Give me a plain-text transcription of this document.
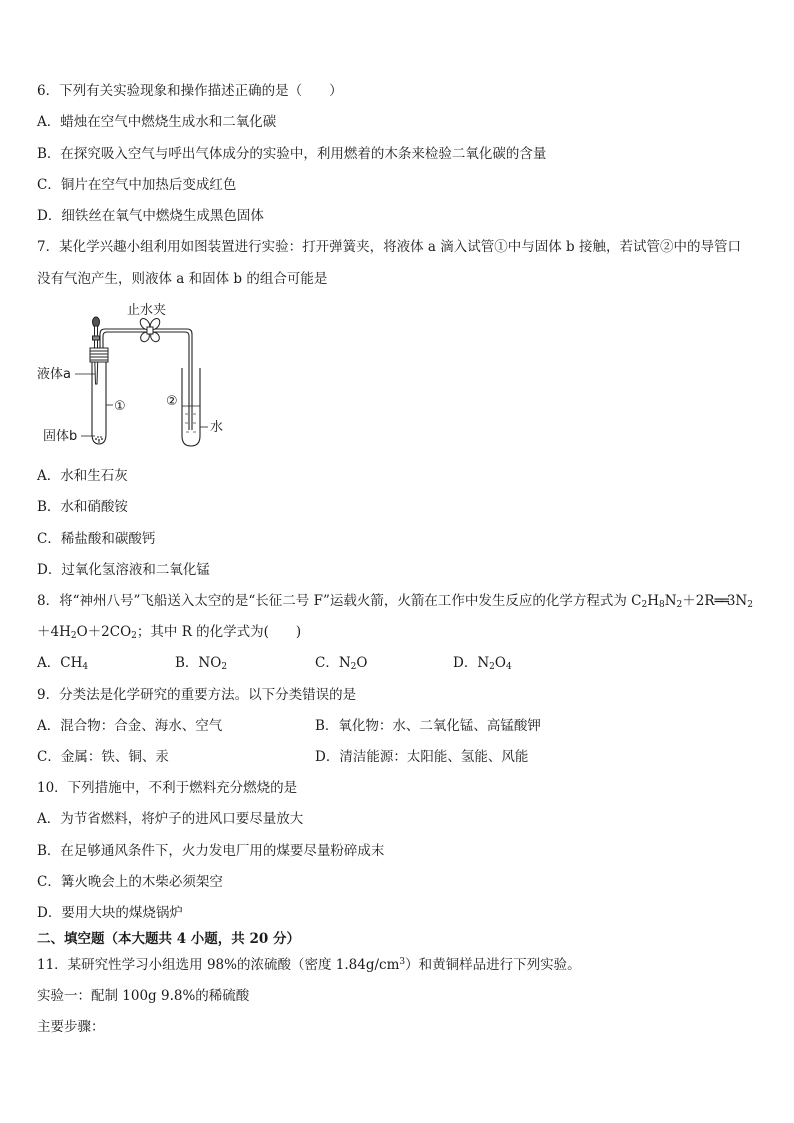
6．下列有关实验现象和操作描述正确的是（　　）
A．蜡烛在空气中燃烧生成水和二氧化碳
B．在探究吸入空气与呼出气体成分的实验中，利用燃着的木条来检验二氧化碳的含量
C．铜片在空气中加热后变成红色
D．细铁丝在氧气中燃烧生成黑色固体
7．某化学兴趣小组利用如图装置进行实验：打开弹簧夹，将液体 a 滴入试管①中与固体 b 接触，若试管②中的导管口
没有气泡产生，则液体 a 和固体 b 的组合可能是
止水夹
液体a
固体b
①	②
水
A．水和生石灰
B．水和硝酸铵
C．稀盐酸和碳酸钙
D．过氧化氢溶液和二氧化锰
8．将“神州八号”飞船送入太空的是“长征二号 F”运载火箭，火箭在工作中发生反应的化学方程式为 $C_2H_8N_2+2R══3N_2$
$+4H_2O+2CO_2$；其中 R 的化学式为(　　)
A．$CH_4$	B．$NO_2$	C．$N_2O$	D．$N_2O_4$
9．分类法是化学研究的重要方法。以下分类错误的是
A．混合物：合金、海水、空气	B．氧化物：水、二氧化锰、高锰酸钾
C．金属：铁、铜、汞	D．清洁能源：太阳能、氢能、风能
10．下列措施中，不利于燃料充分燃烧的是
A．为节省燃料，将炉子的进风口要尽量放大
B．在足够通风条件下，火力发电厂用的煤要尽量粉碎成末
C．篝火晚会上的木柴必须架空
D．要用大块的煤烧锅炉
二、填空题（本大题共 4 小题，共 20 分）
11．某研究性学习小组选用 98%的浓硫酸（密度 $1.84g/cm^3$）和黄铜样品进行下列实验。
实验一：配制 100g 9.8%的稀硫酸
主要步骤：
